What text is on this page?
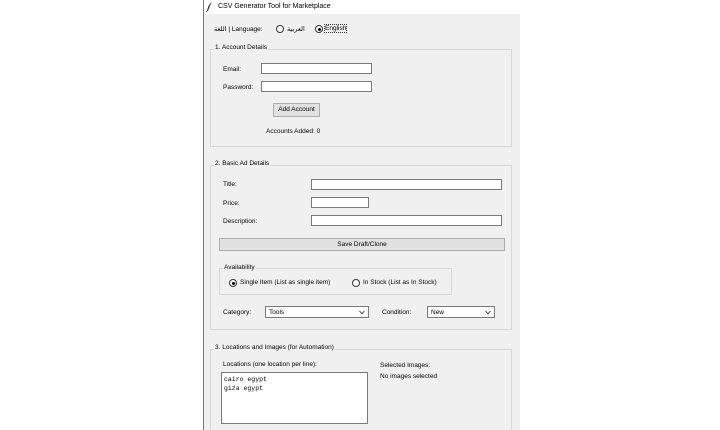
CSV Generator Tool for Marketplace
اللغة | Language:	العربية	English
1. Account Details
Email:
Password:
Add Account
Accounts Added: 0
2. Basic Ad Details
Title:
Price:
Description:
Save Draft/Clone
Availability
Single Item (List as single item)	In Stock (List as In Stock)
Category:	Tools	Condition:	New
3. Locations and Images (for Automation)
Locations (one location per line):
cairo egypt
giza egypt
Selected Images:
No images selected
